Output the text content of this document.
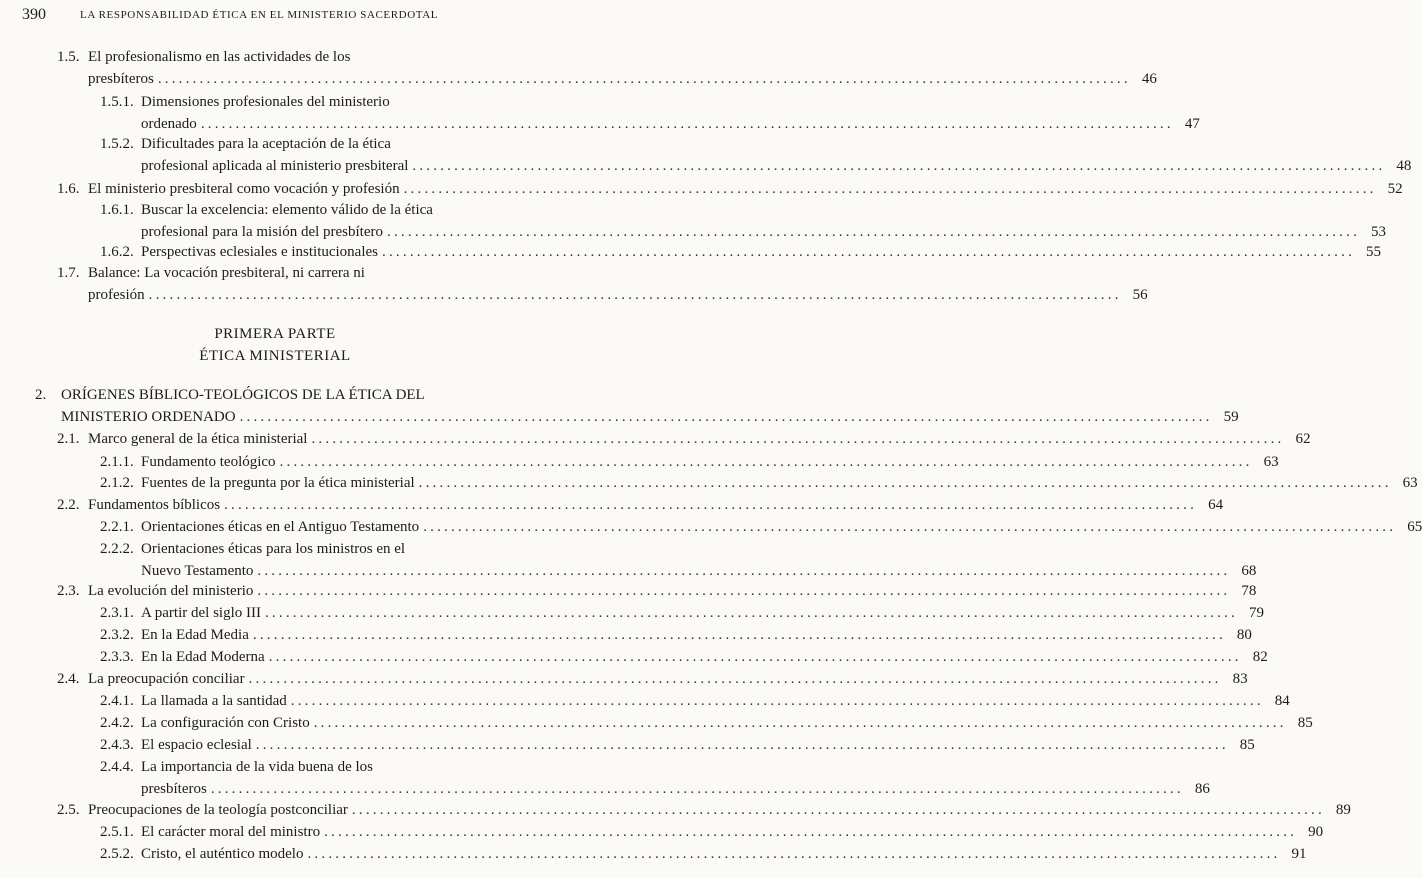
390	LA RESPONSABILIDAD ÉTICA EN EL MINISTERIO SACERDOTAL
PRIMERA PARTE
ÉTICA MINISTERIAL
1.5. El profesionalismo en las actividades de los
presbíteros ............................................................................................................................................ 46
1.5.1. Dimensiones profesionales del ministerio
ordenado ............................................................................................................................................ 47
1.5.2. Dificultades para la aceptación de la ética
profesional aplicada al ministerio presbiteral ............................................................................................................................................ 48
1.6. El ministerio presbiteral como vocación y profesión ............................................................................................................................................ 52
1.6.1. Buscar la excelencia: elemento válido de la ética
profesional para la misión del presbítero ............................................................................................................................................ 53
1.6.2. Perspectivas eclesiales e institucionales ............................................................................................................................................ 55
1.7. Balance: La vocación presbiteral, ni carrera ni
profesión ............................................................................................................................................ 56
2. ORÍGENES BÍBLICO-TEOLÓGICOS DE LA ÉTICA DEL
MINISTERIO ORDENADO ............................................................................................................................................ 59
2.1. Marco general de la ética ministerial ............................................................................................................................................ 62
2.1.1. Fundamento teológico ............................................................................................................................................ 63
2.1.2. Fuentes de la pregunta por la ética ministerial ............................................................................................................................................ 63
2.2. Fundamentos bíblicos ............................................................................................................................................ 64
2.2.1. Orientaciones éticas en el Antiguo Testamento ............................................................................................................................................ 65
2.2.2. Orientaciones éticas para los ministros en el
Nuevo Testamento ............................................................................................................................................ 68
2.3. La evolución del ministerio ............................................................................................................................................ 78
2.3.1. A partir del siglo III ............................................................................................................................................ 79
2.3.2. En la Edad Media ............................................................................................................................................ 80
2.3.3. En la Edad Moderna ............................................................................................................................................ 82
2.4. La preocupación conciliar ............................................................................................................................................ 83
2.4.1. La llamada a la santidad ............................................................................................................................................ 84
2.4.2. La configuración con Cristo ............................................................................................................................................ 85
2.4.3. El espacio eclesial ............................................................................................................................................ 85
2.4.4. La importancia de la vida buena de los
presbíteros ............................................................................................................................................ 86
2.5. Preocupaciones de la teología postconciliar ............................................................................................................................................ 89
2.5.1. El carácter moral del ministro ............................................................................................................................................ 90
2.5.2. Cristo, el auténtico modelo ............................................................................................................................................ 91
